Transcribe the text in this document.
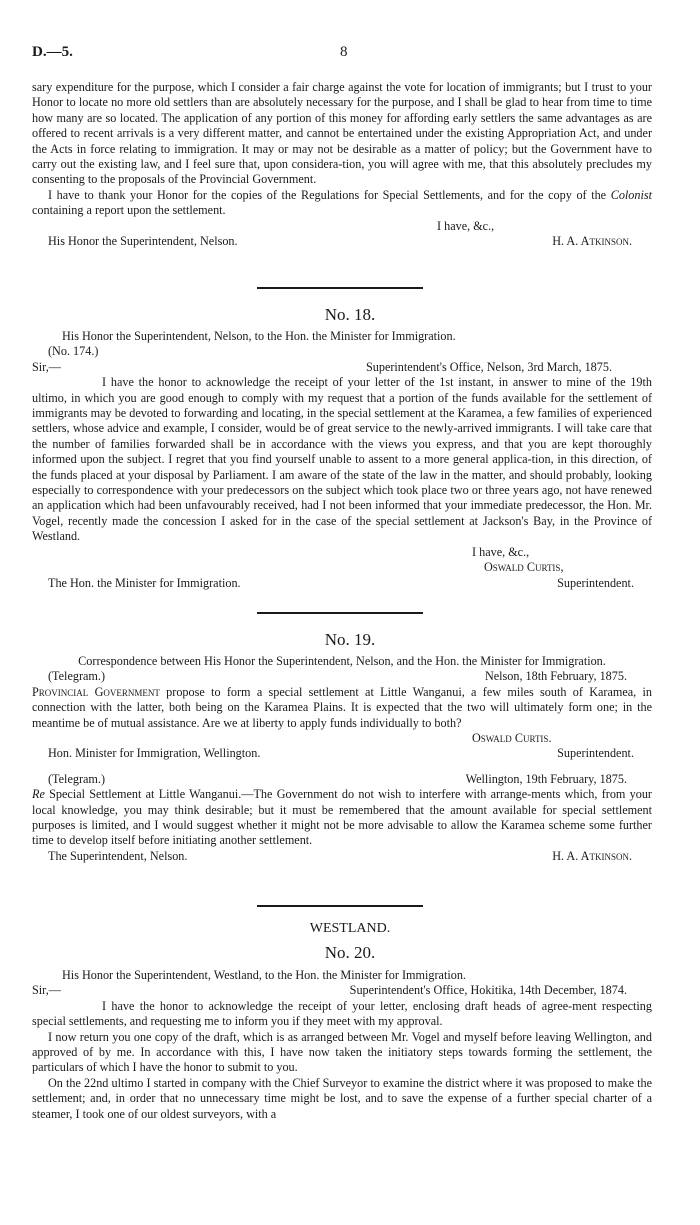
D.—5.	8

sary expenditure for the purpose, which I consider a fair charge against the vote for location of immigrants; but I trust to your Honor to locate no more old settlers than are absolutely necessary for the purpose, and I shall be glad to hear from time to time how many are so located. The application of any portion of this money for affording early settlers the same advantages as are offered to recent arrivals is a very different matter, and cannot be entertained under the existing Appropriation Act, and under the Acts in force relating to immigration. It may or may not be desirable as a matter of policy; but the Government have to carry out the existing law, and I feel sure that, upon considera-tion, you will agree with me, that this absolutely precludes my consenting to the proposals of the Provincial Government.

I have to thank your Honor for the copies of the Regulations for Special Settlements, and for the copy of the Colonist containing a report upon the settlement.

I have, &c.,

His Honor the Superintendent, Nelson.	H. A. Atkinson.
No. 18.

His Honor the Superintendent, Nelson, to the Hon. the Minister for Immigration.

(No. 174.)

Sir,—	Superintendent's Office, Nelson, 3rd March, 1875.

I have the honor to acknowledge the receipt of your letter of the 1st instant, in answer to mine of the 19th ultimo, in which you are good enough to comply with my request that a portion of the funds available for the settlement of immigrants may be devoted to forwarding and locating, in the special settlement at the Karamea, a few families of experienced settlers, whose advice and example, I consider, would be of great service to the newly-arrived immigrants. I will take care that the number of families forwarded shall be in accordance with the views you express, and that you are kept thoroughly informed upon the subject. I regret that you find yourself unable to assent to a more general applica-tion, in this direction, of the funds placed at your disposal by Parliament. I am aware of the state of the law in the matter, and should probably, looking especially to correspondence with your predecessors on the subject which took place two or three years ago, not have renewed an application which had been unfavourably received, had I not been informed that your immediate predecessor, the Hon. Mr. Vogel, recently made the concession I asked for in the case of the special settlement at Jackson's Bay, in the Province of Westland.

I have, &c.,

Oswald Curtis,

The Hon. the Minister for Immigration.	Superintendent.
No. 19.

Correspondence between His Honor the Superintendent, Nelson, and the Hon. the Minister for Immigration.

(Telegram.)	Nelson, 18th February, 1875.

Provincial Government propose to form a special settlement at Little Wanganui, a few miles south of Karamea, in connection with the latter, both being on the Karamea Plains. It is expected that the two will ultimately form one; in the meantime be of mutual assistance. Are we at liberty to apply funds individually to both?

Oswald Curtis.

Hon. Minister for Immigration, Wellington.	Superintendent.
(Telegram.)	Wellington, 19th February, 1875.

Re Special Settlement at Little Wanganui.—The Government do not wish to interfere with arrange-ments which, from your local knowledge, you may think desirable; but it must be remembered that the amount available for special settlement purposes is limited, and I would suggest whether it might not be more advisable to allow the Karamea scheme some further time to develop itself before initiating another settlement.

The Superintendent, Nelson.	H. A. Atkinson.
WESTLAND.
No. 20.

His Honor the Superintendent, Westland, to the Hon. the Minister for Immigration.

Sir,—	Superintendent's Office, Hokitika, 14th December, 1874.

I have the honor to acknowledge the receipt of your letter, enclosing draft heads of agree-ment respecting special settlements, and requesting me to inform you if they meet with my approval.

I now return you one copy of the draft, which is as arranged between Mr. Vogel and myself before leaving Wellington, and approved of by me. In accordance with this, I have now taken the initiatory steps towards forming the settlement, the particulars of which I have the honor to submit to you.

On the 22nd ultimo I started in company with the Chief Surveyor to examine the district where it was proposed to make the settlement; and, in order that no unnecessary time might be lost, and to save the expense of a further special charter of a steamer, I took one of our oldest surveyors, with a
